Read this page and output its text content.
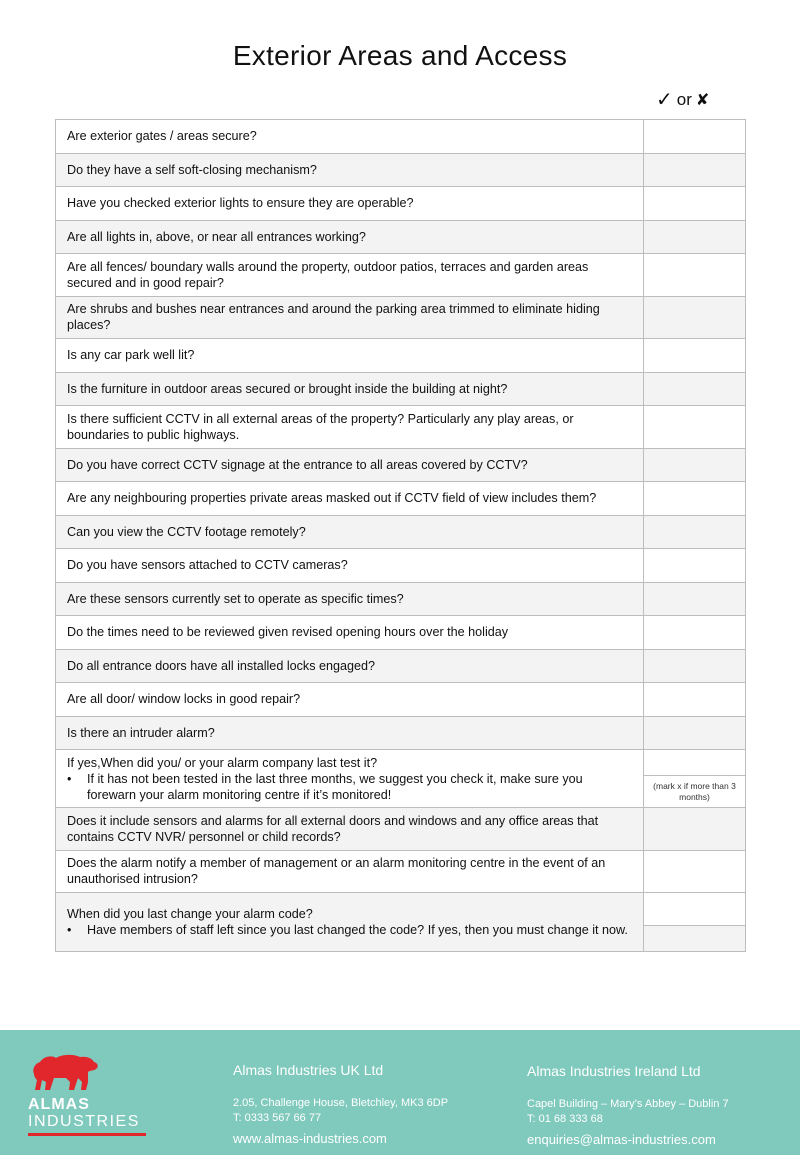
Exterior Areas and Access
✓ or ✘
Are exterior gates / areas secure?
Do they have a self soft-closing mechanism?
Have you checked exterior lights to ensure they are operable?
Are all lights in, above, or near all entrances working?
Are all fences/ boundary walls around the property, outdoor patios, terraces and garden areas secured and in good repair?
Are shrubs and bushes near entrances and around the parking area trimmed to eliminate hiding places?
Is any car park well lit?
Is the furniture in outdoor areas secured or brought inside the building at night?
Is there sufficient CCTV in all external areas of the property? Particularly any play areas, or boundaries to public highways.
Do you have correct CCTV signage at the entrance to all areas covered by CCTV?
Are any neighbouring properties private areas masked out if CCTV field of view includes them?
Can you view the CCTV footage remotely?
Do you have sensors attached to CCTV cameras?
Are these sensors currently set to operate as specific times?
Do the times need to be reviewed given revised opening hours over the holiday
Do all entrance doors have all installed locks engaged?
Are all door/ window locks in good repair?
Is there an intruder alarm?
If yes,When did you/ or your alarm company last test it?
•	If it has not been tested in the last three months, we suggest you check it, make sure you forewarn your alarm monitoring centre if it’s monitored!
(mark x if more than 3 months)
Does it include sensors and alarms for all external doors and windows and any office areas that contains CCTV NVR/ personnel or child records?
Does the alarm notify a member of management or an alarm monitoring centre in the event of an unauthorised intrusion?
When did you last change your alarm code?
•	Have members of staff left since you last changed the code? If yes, then you must change it now.
ALMAS
INDUSTRIES
Almas Industries UK Ltd
2.05, Challenge House, Bletchley, MK3 6DP
T: 0333 567 66 77
www.almas-industries.com
Almas Industries Ireland Ltd
Capel Building – Mary’s Abbey – Dublin 7
T: 01 68 333 68
enquiries@almas-industries.com
